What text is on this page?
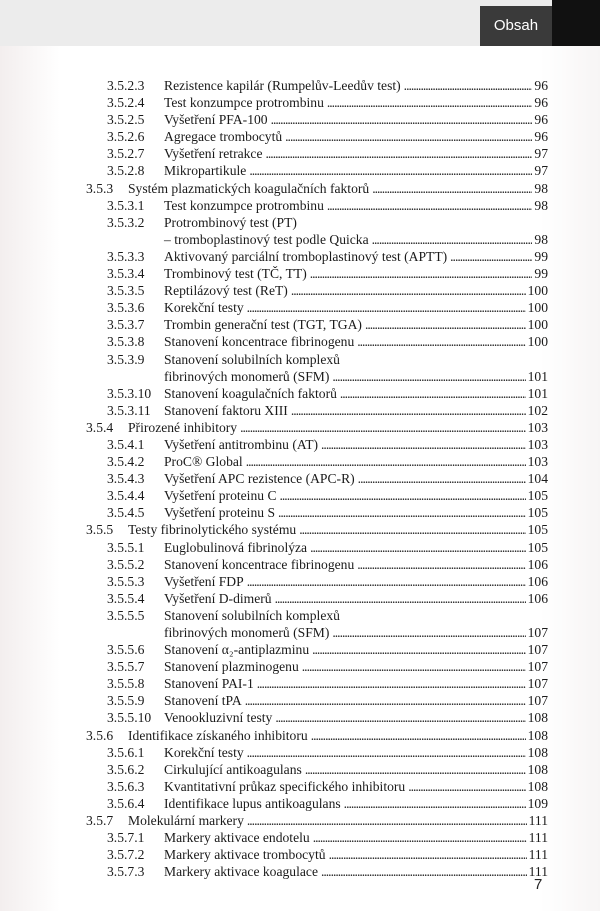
Obsah
3.5.2.3	Rezistence kapilár (Rumpelův-Leedův test) . . .	96
3.5.2.4	Test konzumpce protrombinu . . .	96
3.5.2.5	Vyšetření PFA-100 . . .	96
3.5.2.6	Agregace trombocytů . . .	96
3.5.2.7	Vyšetření retrakce . . .	97
3.5.2.8	Mikropartikule . . .	97
3.5.3	Systém plazmatických koagulačních faktorů . . .	98
3.5.3.1	Test konzumpce protrombinu . . .	98
3.5.3.2	Protrombinový test (PT)
– tromboplastinový test podle Quicka . . .	98
3.5.3.3	Aktivovaný parciální tromboplastinový test (APTT) . . .	99
3.5.3.4	Trombinový test (TČ, TT) . . .	99
3.5.3.5	Reptilázový test (ReT) . . .	100
3.5.3.6	Korekční testy . . .	100
3.5.3.7	Trombin generační test (TGT, TGA) . . .	100
3.5.3.8	Stanovení koncentrace fibrinogenu . . .	100
3.5.3.9	Stanovení solubilních komplexů
fibrinových monomerů (SFM) . . .	101
3.5.3.10 Stanovení koagulačních faktorů . . .	101
3.5.3.11 Stanovení faktoru XIII . . .	102
3.5.4	Přirozené inhibitory . . .	103
3.5.4.1	Vyšetření antitrombinu (AT) . . .	103
3.5.4.2	ProC® Global . . .	103
3.5.4.3	Vyšetření APC rezistence (APC-R) . . .	104
3.5.4.4	Vyšetření proteinu C . . .	105
3.5.4.5	Vyšetření proteinu S . . .	105
3.5.5	Testy fibrinolytického systému . . .	105
3.5.5.1	Euglobulinová fibrinolýza . . .	105
3.5.5.2	Stanovení koncentrace fibrinogenu . . .	106
3.5.5.3	Vyšetření FDP . . .	106
3.5.5.4	Vyšetření D-dimerů . . .	106
3.5.5.5	Stanovení solubilních komplexů
fibrinových monomerů (SFM) . . .	107
3.5.5.6	Stanovení α₂-antiplazminu . . .	107
3.5.5.7	Stanovení plazminogenu . . .	107
3.5.5.8	Stanovení PAI-1 . . .	107
3.5.5.9	Stanovení tPA . . .	107
3.5.5.10 Venookluzivní testy . . .	108
3.5.6	Identifikace získaného inhibitoru . . .	108
3.5.6.1	Korekční testy . . .	108
3.5.6.2	Cirkulující antikoagulans . . .	108
3.5.6.3	Kvantitativní průkaz specifického inhibitoru . . .	108
3.5.6.4	Identifikace lupus antikoagulans . . .	109
3.5.7	Molekulární markery . . .	111
3.5.7.1	Markery aktivace endotelu . . .	111
3.5.7.2	Markery aktivace trombocytů . . .	111
3.5.7.3	Markery aktivace koagulace . . .	111
7
